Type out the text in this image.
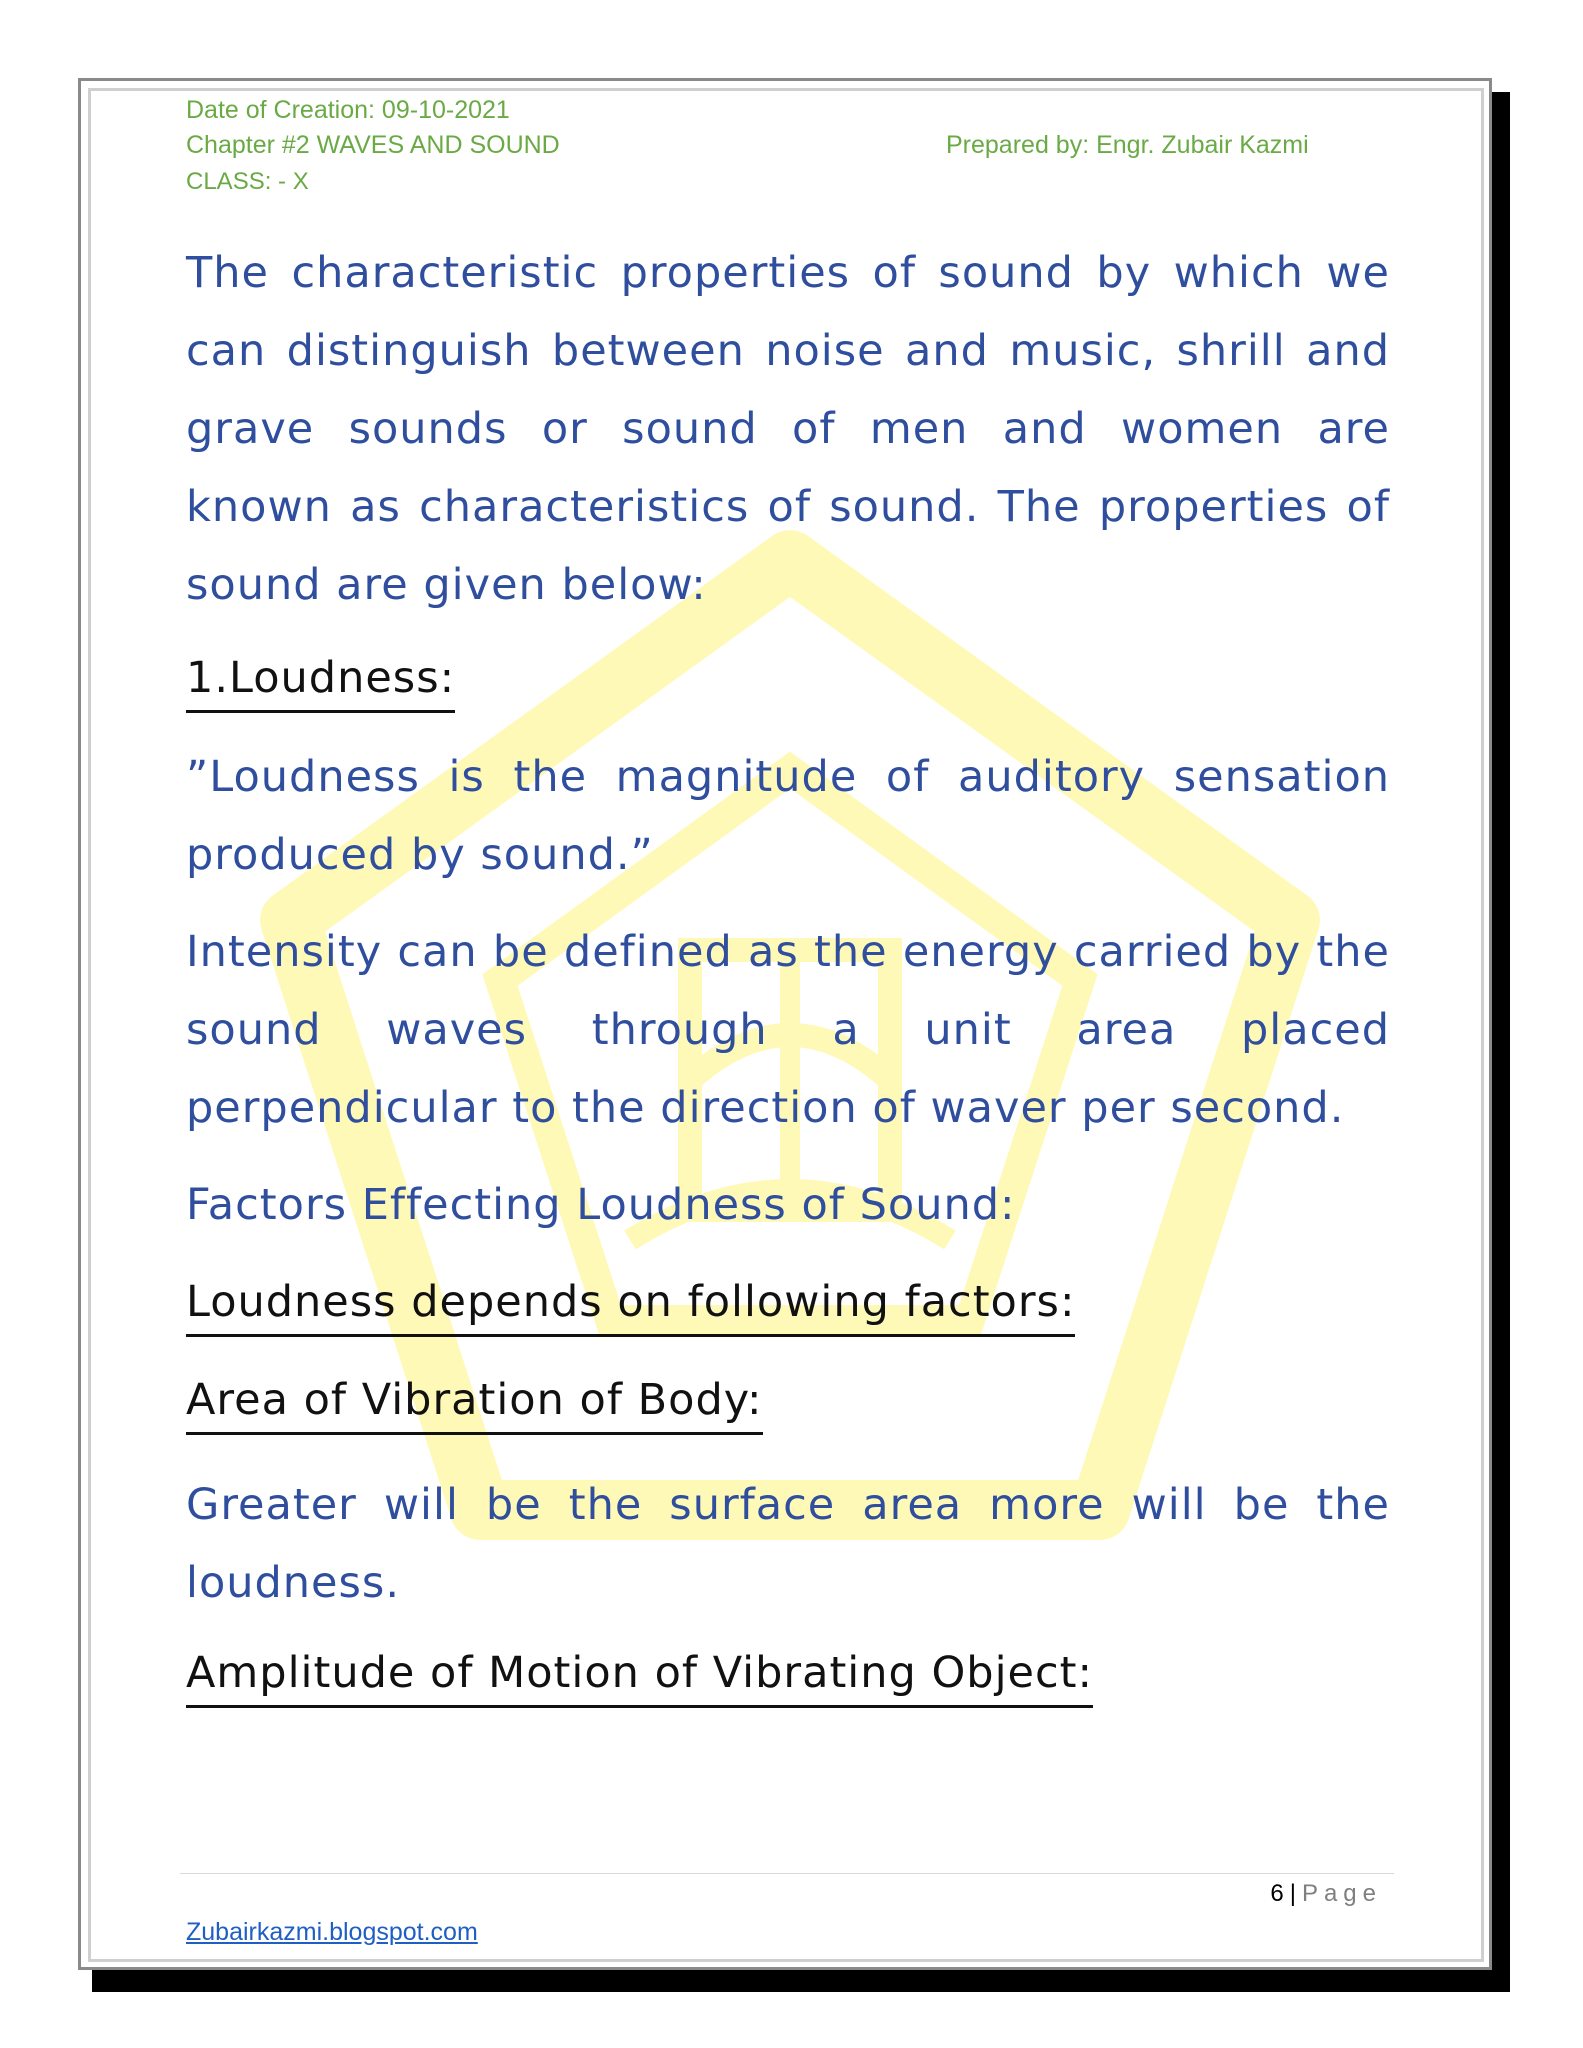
Date of Creation: 09-10-2021
Chapter #2 WAVES AND SOUND
CLASS: - X
Prepared by: Engr. Zubair Kazmi
The characteristic properties of sound by which we can distinguish between noise and music, shrill and grave sounds or sound of men and women are known as characteristics of sound. The properties of sound are given below:
1.Loudness:
”Loudness is the magnitude of auditory sensation produced by sound.”
Intensity can be defined as the energy carried by the sound waves through a unit area placed perpendicular to the direction of waver per second.
Factors Effecting Loudness of Sound:
Loudness depends on following factors:
Area of Vibration of Body:
Greater will be the surface area more will be the loudness.
Amplitude of Motion of Vibrating Object:
6 | Page
Zubairkazmi.blogspot.com
